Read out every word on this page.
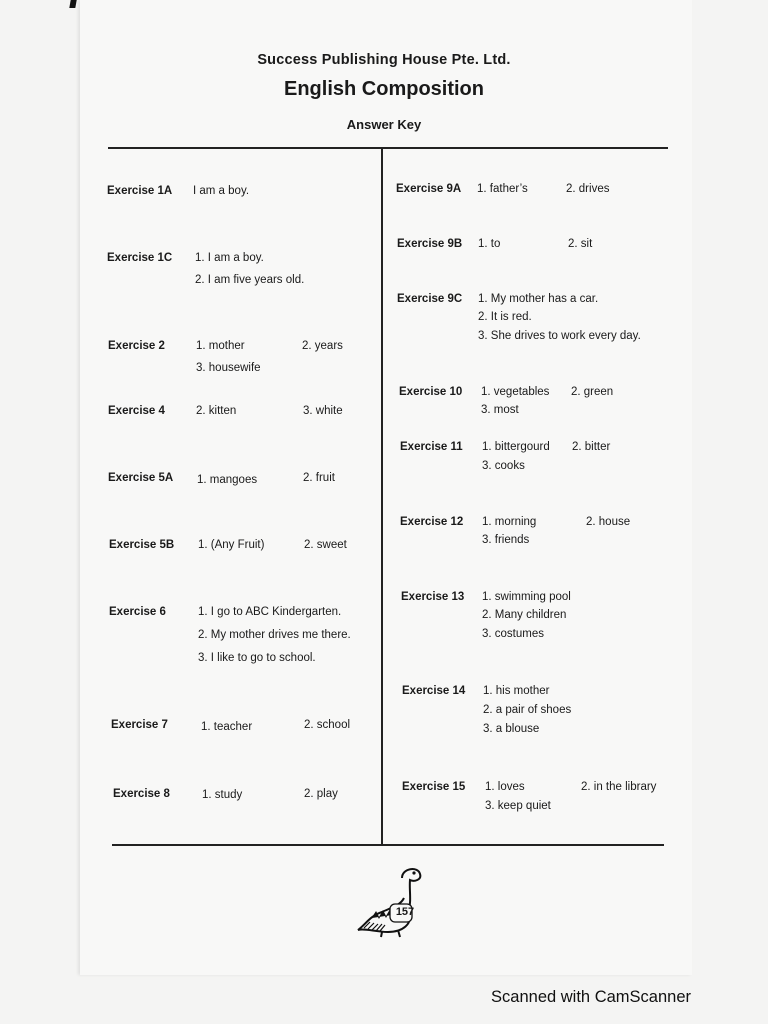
Success Publishing House Pte. Ltd.
English Composition
Answer Key
Exercise 1A I am a boy.
Exercise 1C 1. I am a boy.
2. I am five years old.
Exercise 2	1. mother	2. years
3. housewife
Exercise 4	2. kitten	3. white
Exercise 5A 1. mangoes	2. fruit
Exercise 5B 1. (Any Fruit)	2. sweet
Exercise 6	1. I go to ABC Kindergarten.
2. My mother drives me there.
3. I like to go to school.
Exercise 7	1. teacher	2. school
Exercise 8	1. study	2. play
Exercise 9A 1. father’s	2. drives
Exercise 9B 1. to	2. sit
Exercise 9C 1. My mother has a car.
2. It is red.
3. She drives to work every day.
Exercise 10 1. vegetables 2. green
3. most
Exercise 11 1. bittergourd 2. bitter
3. cooks
Exercise 12 1. morning	2. house
3. friends
Exercise 13 1. swimming pool
2. Many children
3. costumes
Exercise 14 1. his mother
2. a pair of shoes
3. a blouse
Exercise 15 1. loves	2. in the library
3. keep quiet
157
Scanned with CamScanner
